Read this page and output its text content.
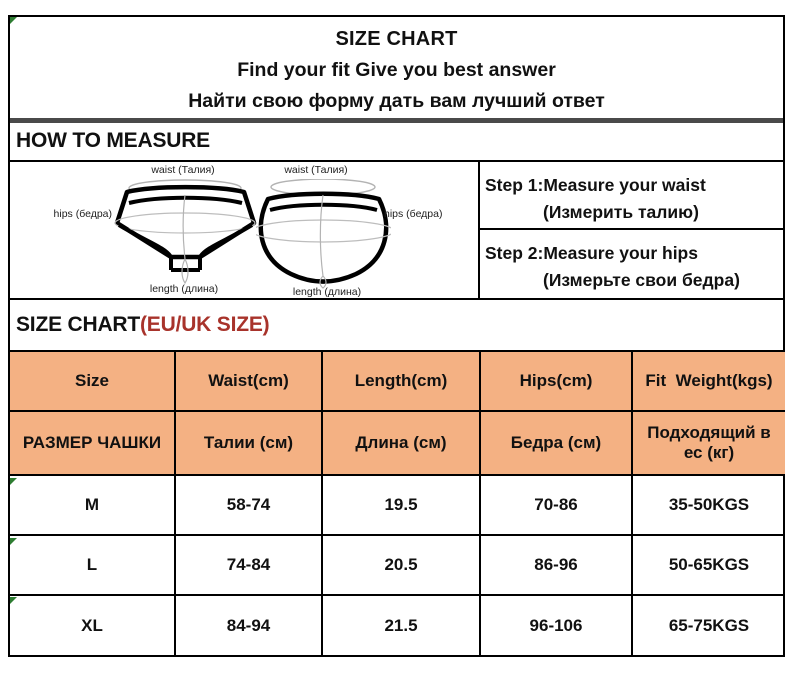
SIZE CHART
Find your fit Give you best answer
Найти свою форму дать вам лучший ответ
HOW TO MEASURE
waist (Талия)	waist (Талия)
hips (бедра)	hips (бедра)
length (длина)	length (длина)
Step 1:Measure your waist
(Измерить талию)
Step 2:Measure your hips
(Измерьте свои бедра)
SIZE CHART(EU/UK SIZE)
Size	Waist(cm)	Length(cm)	Hips(cm)	Fit  Weight(kgs)
РАЗМЕР ЧАШКИ	Талии (см)	Длина (см)	Бедра (см)	Подходящий в ес (кг)
M	58-74	19.5	70-86	35-50KGS
L	74-84	20.5	86-96	50-65KGS
XL	84-94	21.5	96-106	65-75KGS
